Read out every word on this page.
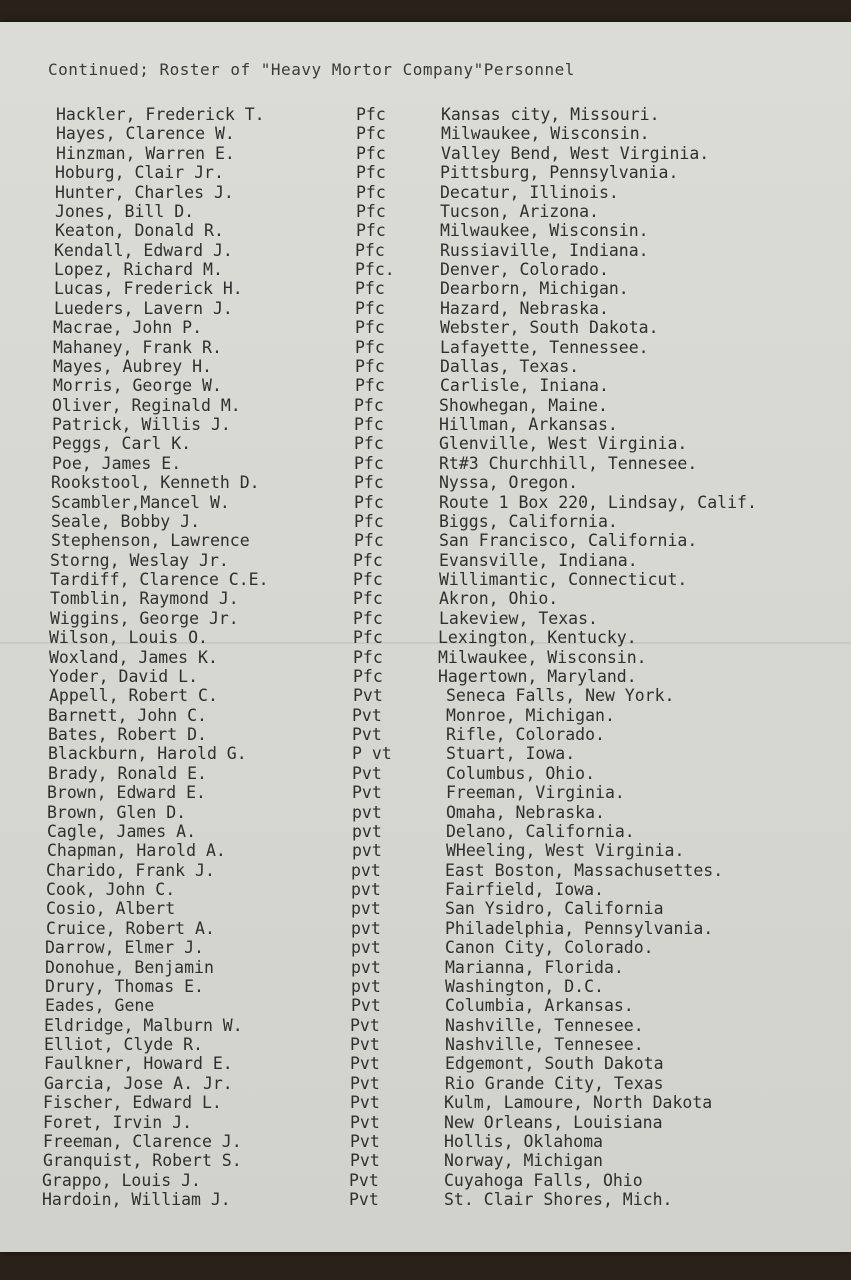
Continued; Roster of "Heavy Mortor Company"Personnel
Hackler, Frederick T.	Pfc	Kansas city, Missouri.
Hayes, Clarence W.	Pfc	Milwaukee, Wisconsin.
Hinzman, Warren E.	Pfc	Valley Bend, West Virginia.
Hoburg, Clair Jr.	Pfc	Pittsburg, Pennsylvania.
Hunter, Charles J.	Pfc	Decatur, Illinois.
Jones, Bill D.	Pfc	Tucson, Arizona.
Keaton, Donald R.	Pfc	Milwaukee, Wisconsin.
Kendall, Edward J.	Pfc	Russiaville, Indiana.
Lopez, Richard M.	Pfc.	Denver, Colorado.
Lucas, Frederick H.	Pfc	Dearborn, Michigan.
Lueders, Lavern J.	Pfc	Hazard, Nebraska.
Macrae, John P.	Pfc	Webster, South Dakota.
Mahaney, Frank R.	Pfc	Lafayette, Tennessee.
Mayes, Aubrey H.	Pfc	Dallas, Texas.
Morris, George W.	Pfc	Carlisle, Iniana.
Oliver, Reginald M.	Pfc	Showhegan, Maine.
Patrick, Willis J.	Pfc	Hillman, Arkansas.
Peggs, Carl K.	Pfc	Glenville, West Virginia.
Poe, James E.	Pfc	Rt#3 Churchhill, Tennesee.
Rookstool, Kenneth D.	Pfc	Nyssa, Oregon.
Scambler,Mancel W.	Pfc	Route 1 Box 220, Lindsay, Calif.
Seale, Bobby J.	Pfc	Biggs, California.
Stephenson, Lawrence	Pfc	San Francisco, California.
Storng, Weslay Jr.	Pfc	Evansville, Indiana.
Tardiff, Clarence C.E.	Pfc	Willimantic, Connecticut.
Tomblin, Raymond J.	Pfc	Akron, Ohio.
Wiggins, George Jr.	Pfc	Lakeview, Texas.
Wilson, Louis O.	Pfc	Lexington, Kentucky.
Woxland, James K.	Pfc	Milwaukee, Wisconsin.
Yoder, David L.	Pfc	Hagertown, Maryland.
Appell, Robert C.	Pvt	Seneca Falls, New York.
Barnett, John C.	Pvt	Monroe, Michigan.
Bates, Robert D.	Pvt	Rifle, Colorado.
Blackburn, Harold G.	P vt	Stuart, Iowa.
Brady, Ronald E.	Pvt	Columbus, Ohio.
Brown, Edward E.	Pvt	Freeman, Virginia.
Brown, Glen D.	pvt	Omaha, Nebraska.
Cagle, James A.	pvt	Delano, California.
Chapman, Harold A.	pvt	WHeeling, West Virginia.
Charido, Frank J.	pvt	East Boston, Massachusettes.
Cook, John C.	pvt	Fairfield, Iowa.
Cosio, Albert	pvt	San Ysidro, California
Cruice, Robert A.	pvt	Philadelphia, Pennsylvania.
Darrow, Elmer J.	pvt	Canon City, Colorado.
Donohue, Benjamin	pvt	Marianna, Florida.
Drury, Thomas E.	pvt	Washington, D.C.
Eades, Gene	Pvt	Columbia, Arkansas.
Eldridge, Malburn W.	Pvt	Nashville, Tennesee.
Elliot, Clyde R.	Pvt	Nashville, Tennesee.
Faulkner, Howard E.	Pvt	Edgemont, South Dakota
Garcia, Jose A. Jr.	Pvt	Rio Grande City, Texas
Fischer, Edward L.	Pvt	Kulm, Lamoure, North Dakota
Foret, Irvin J.	Pvt	New Orleans, Louisiana
Freeman, Clarence J.	Pvt	Hollis, Oklahoma
Granquist, Robert S.	Pvt	Norway, Michigan
Grappo, Louis J.	Pvt	Cuyahoga Falls, Ohio
Hardoin, William J.	Pvt	St. Clair Shores, Mich.
